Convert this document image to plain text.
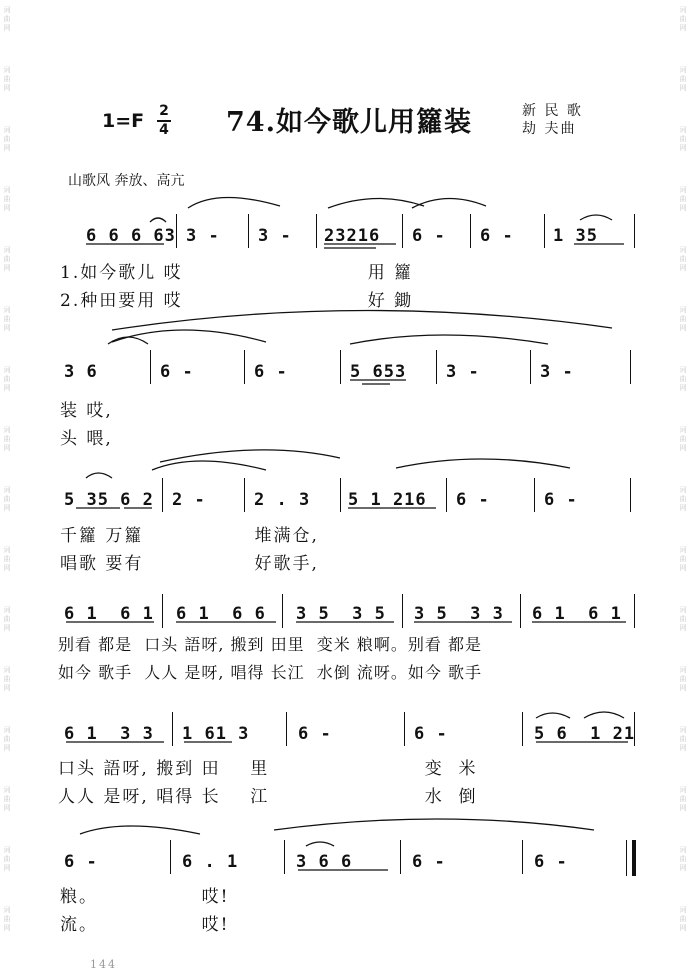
词
曲
网
词
曲
网
词
曲
网
词
曲
网
词
曲
网
词
曲
网
词
曲
网
词
曲
网
词
曲
网
词
曲
网
词
曲
网
词
曲
网
词
曲
网
词
曲
网
词
曲
网
词
曲
网
词
曲
网
词
曲
网
词
曲
网
词
曲
网
词
曲
网
词
曲
网
词
曲
网
词
曲
网
词
曲
网
词
曲
网
词
曲
网
词
曲
网
词
曲
网
词
曲
网
词
曲
网
词
曲
网
1=F 2
4 74.如今歌儿用籮装	新 民 歌
劫 夫曲
山歌风 奔放、高亢
6 6 6 63 3 - 3 - 23216 6 - 6 - 1 35
1.如今歌儿 哎                         用 籮
2.种田要用 哎                         好 鋤
3 6	6 -	6 -	5 653 3 -	3 -
装 哎,
头 喂,
5 35 6 2 2 -	2 . 3 5 1 216 6 -	6 -
千籮 万籮               堆满仓,
唱歌 要有               好歌手,
6 1  6 1 6 1  6 6 3 5  3 5 3 5  3 3 6 1  6 1
别看 都是  口头 語呀, 搬到 田里  变米 粮啊。别看 都是
如今 歌手  人人 是呀, 唱得 长江  水倒 流呀。如今 歌手
6 1  3 3 1 61 3	6 -	6 -	5 6  1 21
口头 語呀, 搬到 田    里                     变  米
人人 是呀, 唱得 长    江                     水  倒
6 -	6 . 1	3 6 6	6 -	6 -
粮。              哎!
流。              哎!
144
